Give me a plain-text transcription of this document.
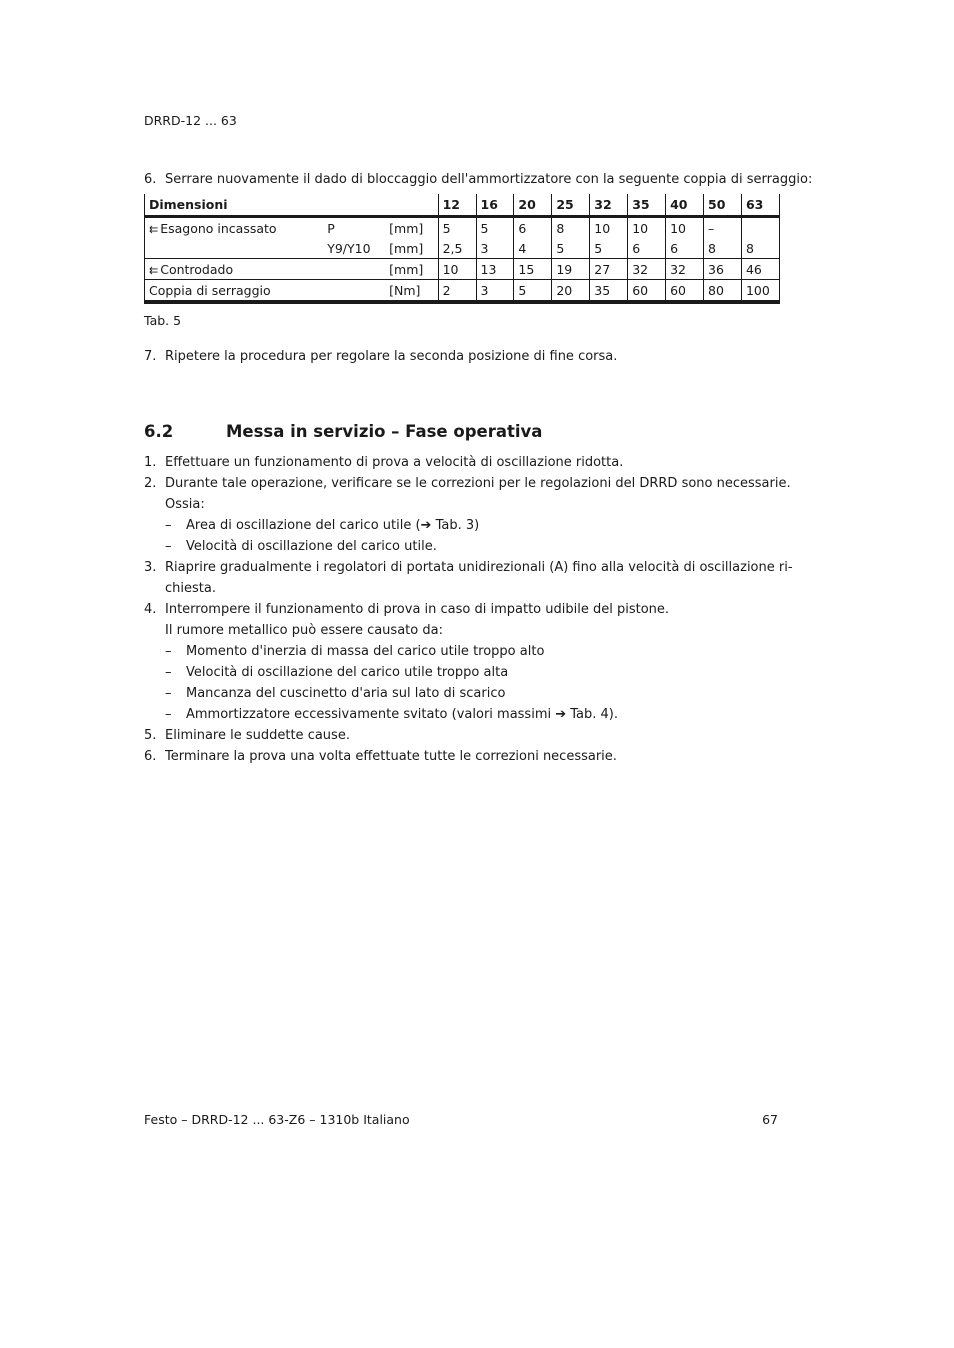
DRRD-12 ... 63
6. Serrare nuovamente il dado di bloccaggio dell'ammortizzatore con la seguente coppia di serraggio:
Dimensioni			12	16	20	25	32	35	40	50	63
⇇ Esagono incassato	P	[mm]	5	5	6	8	10	10	10	–	
	Y9/Y10	[mm]	2,5	3	4	5	5	6	6	8	8
⇇ Controdado		[mm]	10	13	15	19	27	32	32	36	46
Coppia di serraggio		[Nm]	2	3	5	20	35	60	60	80	100
Tab. 5
7. Ripetere la procedura per regolare la seconda posizione di fine corsa.
6.2	Messa in servizio – Fase operativa
1. Effettuare un funzionamento di prova a velocità di oscillazione ridotta.
2. Durante tale operazione, verificare se le correzioni per le regolazioni del DRRD sono necessarie.
Ossia:
– Area di oscillazione del carico utile (➔ Tab. 3)
– Velocità di oscillazione del carico utile.
3. Riaprire gradualmente i regolatori di portata unidirezionali (A) fino alla velocità di oscillazione ri-
chiesta.
4. Interrompere il funzionamento di prova in caso di impatto udibile del pistone.
Il rumore metallico può essere causato da:
– Momento d'inerzia di massa del carico utile troppo alto
– Velocità di oscillazione del carico utile troppo alta
– Mancanza del cuscinetto d'aria sul lato di scarico
– Ammortizzatore eccessivamente svitato (valori massimi ➔ Tab. 4).
5. Eliminare le suddette cause.
6. Terminare la prova una volta effettuate tutte le correzioni necessarie.
Festo – DRRD-12 ... 63-Z6 – 1310b Italiano	67
